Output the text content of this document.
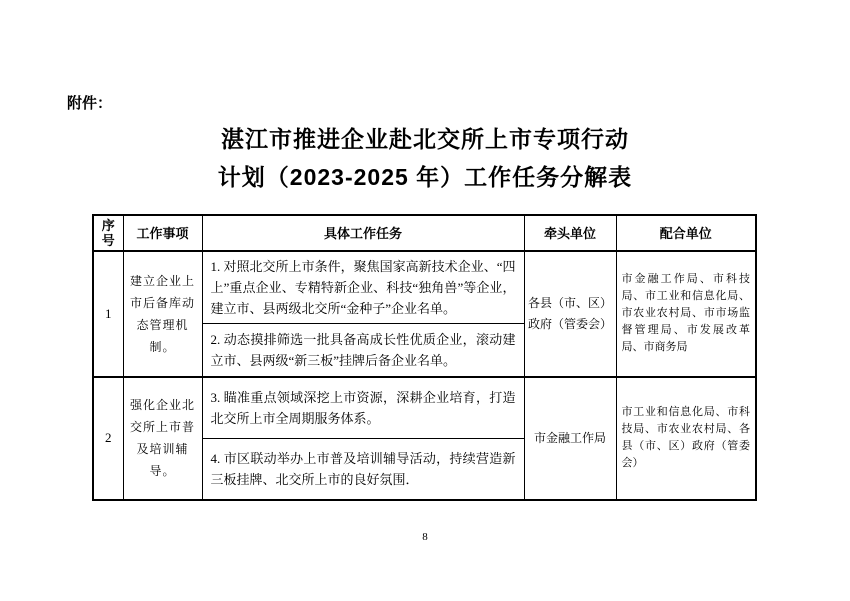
附件：
湛江市推进企业赴北交所上市专项行动
计划（2023-2025 年）工作任务分解表
序号	工作事项	具体工作任务	牵头单位	配合单位
1	建立企业上市后备库动态管理机制。	1. 对照北交所上市条件，聚焦国家高新技术企业、“四上”重点企业、专精特新企业、科技“独角兽”等企业，建立市、县两级北交所“金种子”企业名单。	各县（市、区）政府（管委会）	市金融工作局、市科技局、市工业和信息化局、市农业农村局、市市场监督管理局、市发展改革局、市商务局
		2. 动态摸排筛选一批具备高成长性优质企业，滚动建立市、县两级“新三板”挂牌后备企业名单。		
2	强化企业北交所上市普及培训辅导。	3. 瞄准重点领域深挖上市资源，深耕企业培育，打造北交所上市全周期服务体系。	市金融工作局	市工业和信息化局、市科技局、市农业农村局、各县（市、区）政府（管委会）
		4. 市区联动举办上市普及培训辅导活动，持续营造新三板挂牌、北交所上市的良好氛围．		
8
